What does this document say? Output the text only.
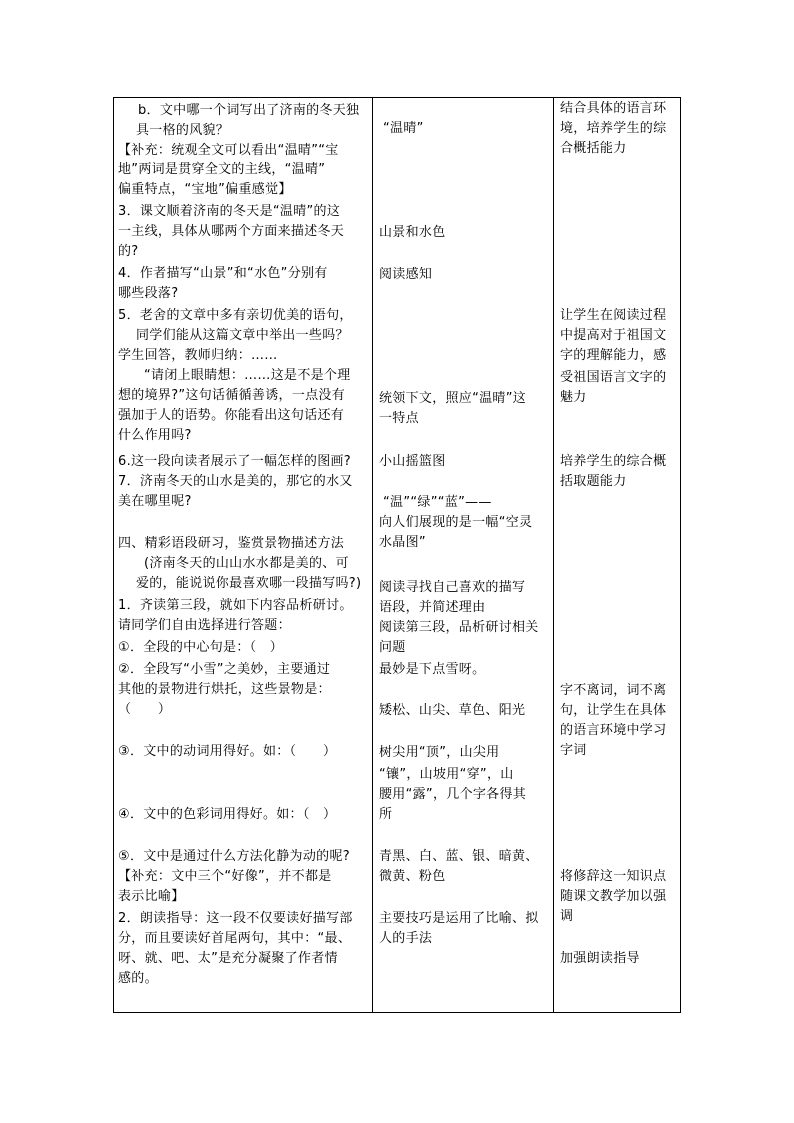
b．文中哪一个词写出了济南的冬天独
具一格的风貌？
【补充：统观全文可以看出“温晴”“宝
地”两词是贯穿全文的主线，“温晴”
偏重特点，“宝地”偏重感觉】
3．课文顺着济南的冬天是“温晴”的这
一主线，具体从哪两个方面来描述冬天
的?
4．作者描写“山景”和“水色”分别有
哪些段落?
5．老舍的文章中多有亲切优美的语句，
同学们能从这篇文章中举出一些吗？
学生回答，教师归纳：……
“请闭上眼睛想：……这是不是个理
想的境界?”这句话循循善诱，一点没有
强加于人的语势。你能看出这句话还有
什么作用吗?
6.这一段向读者展示了一幅怎样的图画?
7．济南冬天的山水是美的，那它的水又
美在哪里呢?
四、精彩语段研习，鉴赏景物描述方法
(济南冬天的山山水水都是美的、可
爱的，能说说你最喜欢哪一段描写吗?)
1．齐读第三段，就如下内容品析研讨。
请同学们自由选择进行答题：
①．全段的中心句是：（　）
②．全段写“小雪”之美妙，主要通过
其他的景物进行烘托，这些景物是：
（　　）
③．文中的动词用得好。如：（　　）
④．文中的色彩词用得好。如：（　）
⑤．文中是通过什么方法化静为动的呢?
【补充：文中三个“好像”，并不都是
表示比喻】
2．朗读指导：这一段不仅要读好描写部
分，而且要读好首尾两句，其中：“最、
呀、就、吧、太”是充分凝聚了作者情
感的。
“温晴”
山景和水色
阅读感知
统领下文，照应“温晴”这
一特点
小山摇篮图
“温”“绿”“蓝”——
向人们展现的是一幅“空灵
水晶图”
阅读寻找自己喜欢的描写
语段，并简述理由
阅读第三段，品析研讨相关
问题
最妙是下点雪呀。
矮松、山尖、草色、阳光
树尖用“顶”，山尖用
“镶”，山坡用“穿”，山
腰用“露”，几个字各得其
所
青黑、白、蓝、银、暗黄、
微黄、粉色
主要技巧是运用了比喻、拟
人的手法
结合具体的语言环
境，培养学生的综
合概括能力
让学生在阅读过程
中提高对于祖国文
字的理解能力，感
受祖国语言文字的
魅力
培养学生的综合概
括取题能力
字不离词，词不离
句，让学生在具体
的语言环境中学习
字词
将修辞这一知识点
随课文教学加以强
调
加强朗读指导
